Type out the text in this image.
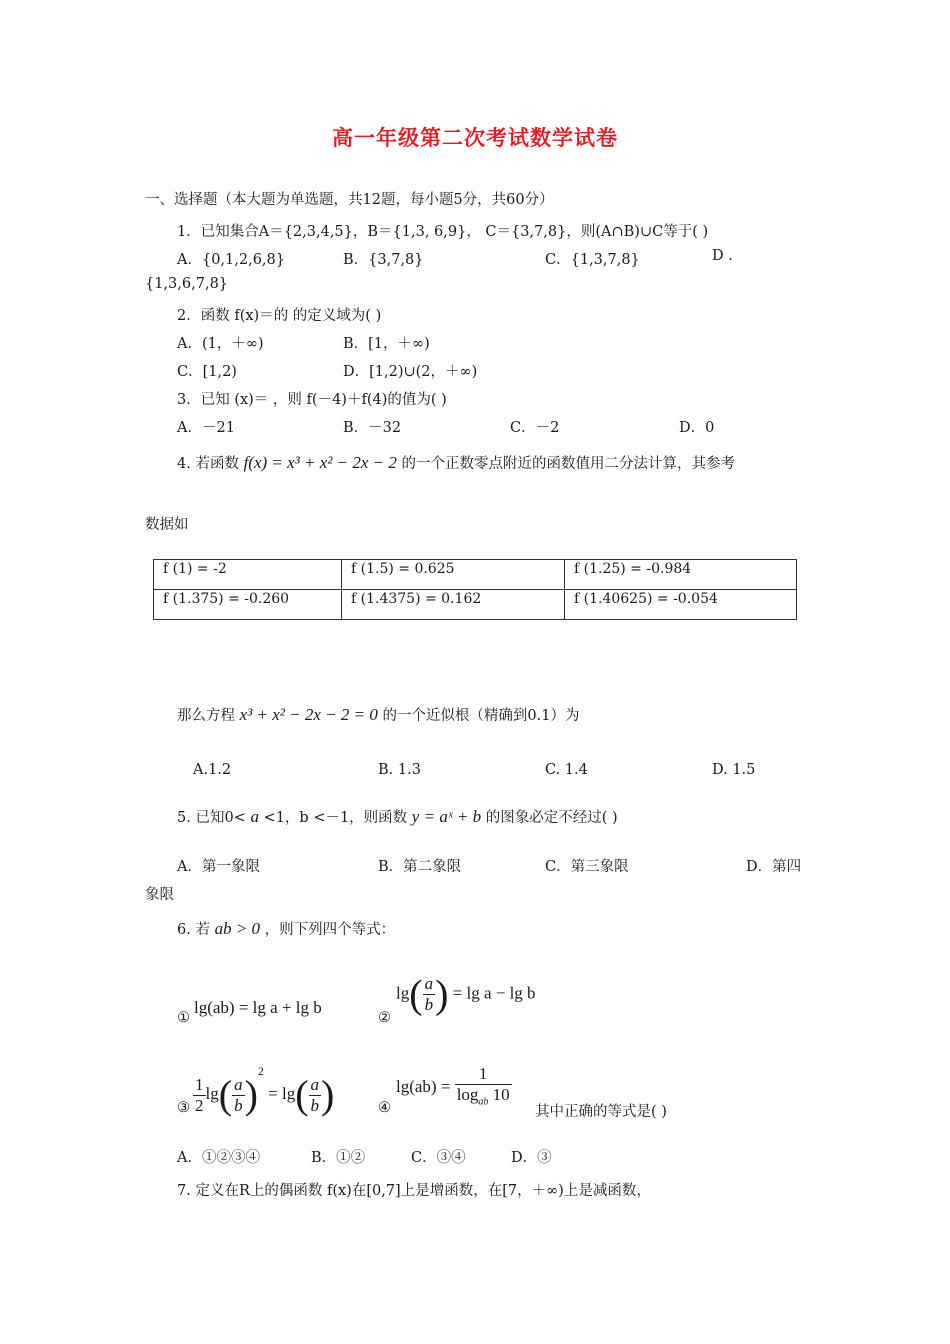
高一年级第二次考试数学试卷
一、选择题（本大题为单选题，共12题，每小题5分，共60分）
1．已知集合A＝{2,3,4,5}，B＝{1,3, 6,9}， C＝{3,7,8}，则(A∩B)∪C等于( )
A．{0,1,2,6,8}	B．{3,7,8}	C．{1,3,7,8}	D .
{1,3,6,7,8}
2．函数 f(x)＝的 的定义域为( )
A．(1，＋∞)	B．[1，＋∞)
C．[1,2)	D．[1,2)∪(2，＋∞)
3．已知 (x)＝ ，则 f(－4)＋f(4)的值为( )
A．－21	B．－32	C．－2	D．0
4. 若函数 f(x) = x³ + x² − 2x − 2 的一个正数零点附近的函数值用二分法计算，其参考
数据如
f (1) = -2	f (1.5) = 0.625	f (1.25) = -0.984
f (1.375) = -0.260	f (1.4375) = 0.162	f (1.40625) = -0.054
那么方程 x³ + x² − 2x − 2 = 0 的一个近似根（精确到0.1）为
A.1.2	B. 1.3	C. 1.4	D. 1.5
5. 已知0< a <1，b <－1，则函数 y = aˣ + b 的图象必定不经过( )
A．第一象限	B．第二象限	C．第三象限	D．第四
象限
6. 若 ab > 0 ，则下列四个等式：
①
lg(ab) = lg a + lg b
②
$\lg( \frac{a}{b}$ ) = lg a − lg b
③ $\frac{1}{2} \lg( \frac{a}{b} )^2 = \lg( \frac{a}{b}$ )	④
$\lg(ab) = \frac{1}{\log_{ab} 10}$ 其中正确的等式是( )
A．①②③④	B．①②	C．③④	D．③
7. 定义在R上的偶函数 f(x)在[0,7]上是增函数，在[7，＋∞)上是减函数，
